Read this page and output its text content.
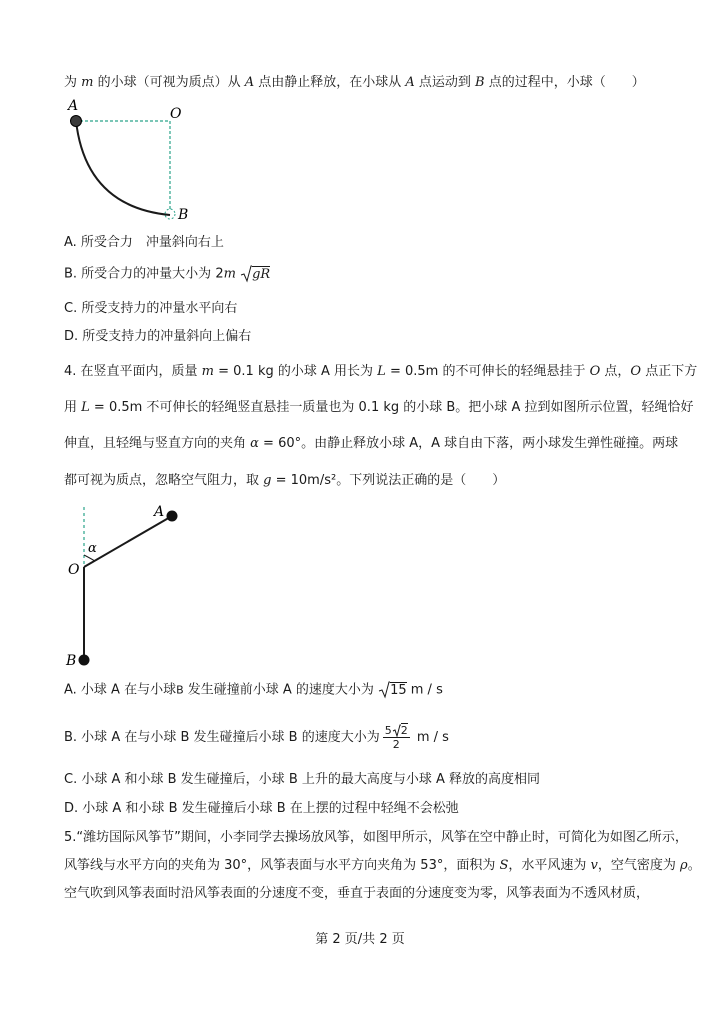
为 m 的小球（可视为质点）从 A 点由静止释放，在小球从 A 点运动到 B 点的过程中，小球（　　）
A	O
B
A. 所受合力　冲量斜向右上
B. 所受合力的冲量大小为 2m gR
C. 所受支持力的冲量水平向右
D. 所受支持力的冲量斜向上偏右
4. 在竖直平面内，质量 m = 0.1 kg 的小球 A 用长为 L = 0.5m 的不可伸长的轻绳悬挂于 O 点，O 点正下方
用 L = 0.5m 不可伸长的轻绳竖直悬挂一质量也为 0.1 kg 的小球 B。把小球 A 拉到如图所示位置，轻绳恰好
伸直，且轻绳与竖直方向的夹角 α = 60°。由静止释放小球 A，A 球自由下落，两小球发生弹性碰撞。两球
都可视为质点，忽略空气阻力，取 g = 10m/s²。下列说法正确的是（　　）
A
α
O
B
A. 小球 A 在与小球B 发生碰撞前小球 A 的速度大小为 15 m / s
B. 小球 A 在与小球 B 发生碰撞后小球 B 的速度大小为 $\frac{5 2}{2}$ m / s
C. 小球 A 和小球 B 发生碰撞后，小球 B 上升的最大高度与小球 A 释放的高度相同
D. 小球 A 和小球 B 发生碰撞后小球 B 在上摆的过程中轻绳不会松弛
5.“潍坊国际风筝节”期间，小李同学去操场放风筝，如图甲所示，风筝在空中静止时，可简化为如图乙所示，
风筝线与水平方向的夹角为 30°，风筝表面与水平方向夹角为 53°，面积为 S，水平风速为 v，空气密度为 ρ。
空气吹到风筝表面时沿风筝表面的分速度不变，垂直于表面的分速度变为零，风筝表面为不透风材质，
第 2 页/共 2 页
